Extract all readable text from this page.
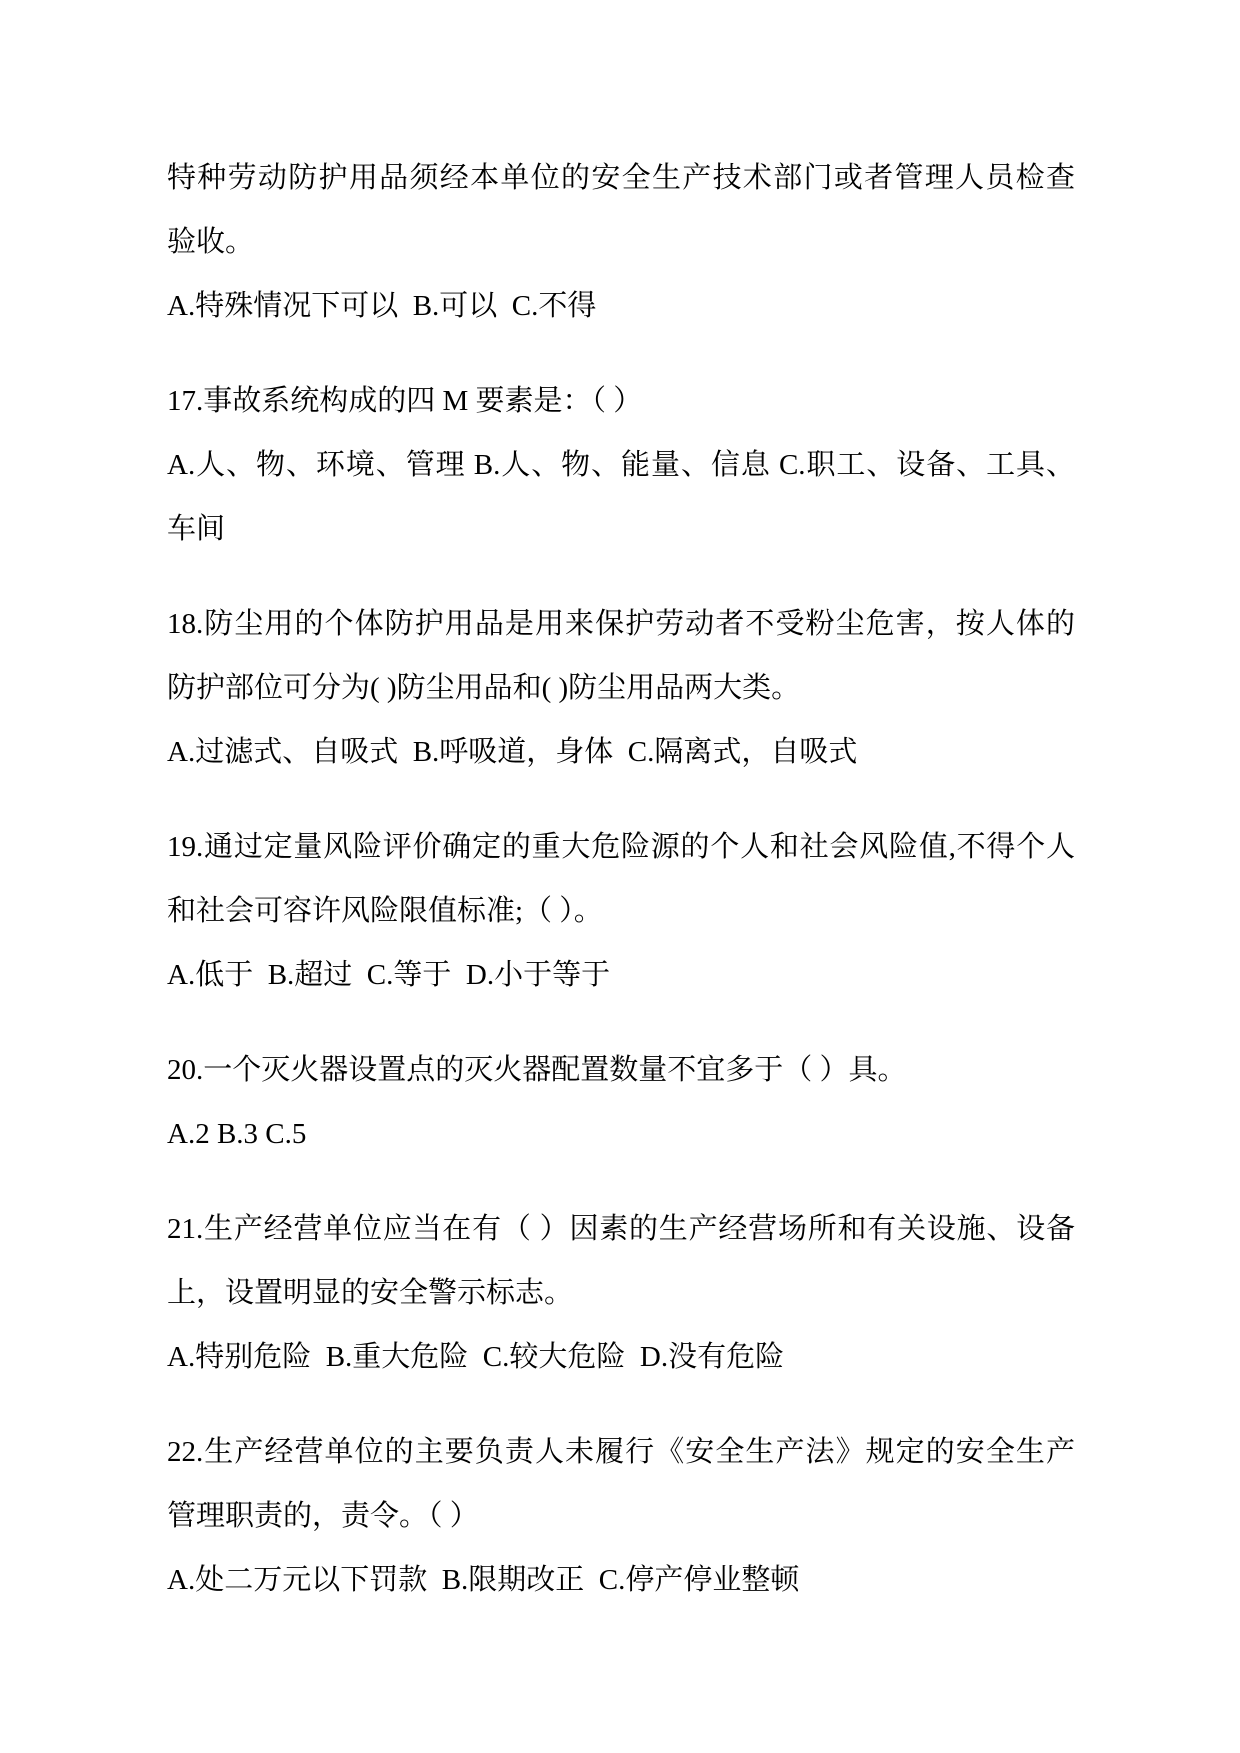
特种劳动防护用品须经本单位的安全生产技术部门或者管理人员检查
验收。
A.特殊情况下可以  B.可以  C.不得
17.事故系统构成的四 M 要素是：（ ）
A.人、物、环境、管理 B.人、物、能量、信息 C.职工、设备、工具、
车间
18.防尘用的个体防护用品是用来保护劳动者不受粉尘危害，按人体的
防护部位可分为( )防尘用品和( )防尘用品两大类。
A.过滤式、自吸式  B.呼吸道，身体  C.隔离式，自吸式
19.通过定量风险评价确定的重大危险源的个人和社会风险值,不得个人
和社会可容许风险限值标准;（ ）。
A.低于  B.超过  C.等于  D.小于等于
20.一个灭火器设置点的灭火器配置数量不宜多于（ ）具。
A.2 B.3 C.5
21.生产经营单位应当在有（ ）因素的生产经营场所和有关设施、设备
上，设置明显的安全警示标志。
A.特别危险  B.重大危险  C.较大危险  D.没有危险
22.生产经营单位的主要负责人未履行《安全生产法》规定的安全生产
管理职责的，责令。（ ）
A.处二万元以下罚款  B.限期改正  C.停产停业整顿
